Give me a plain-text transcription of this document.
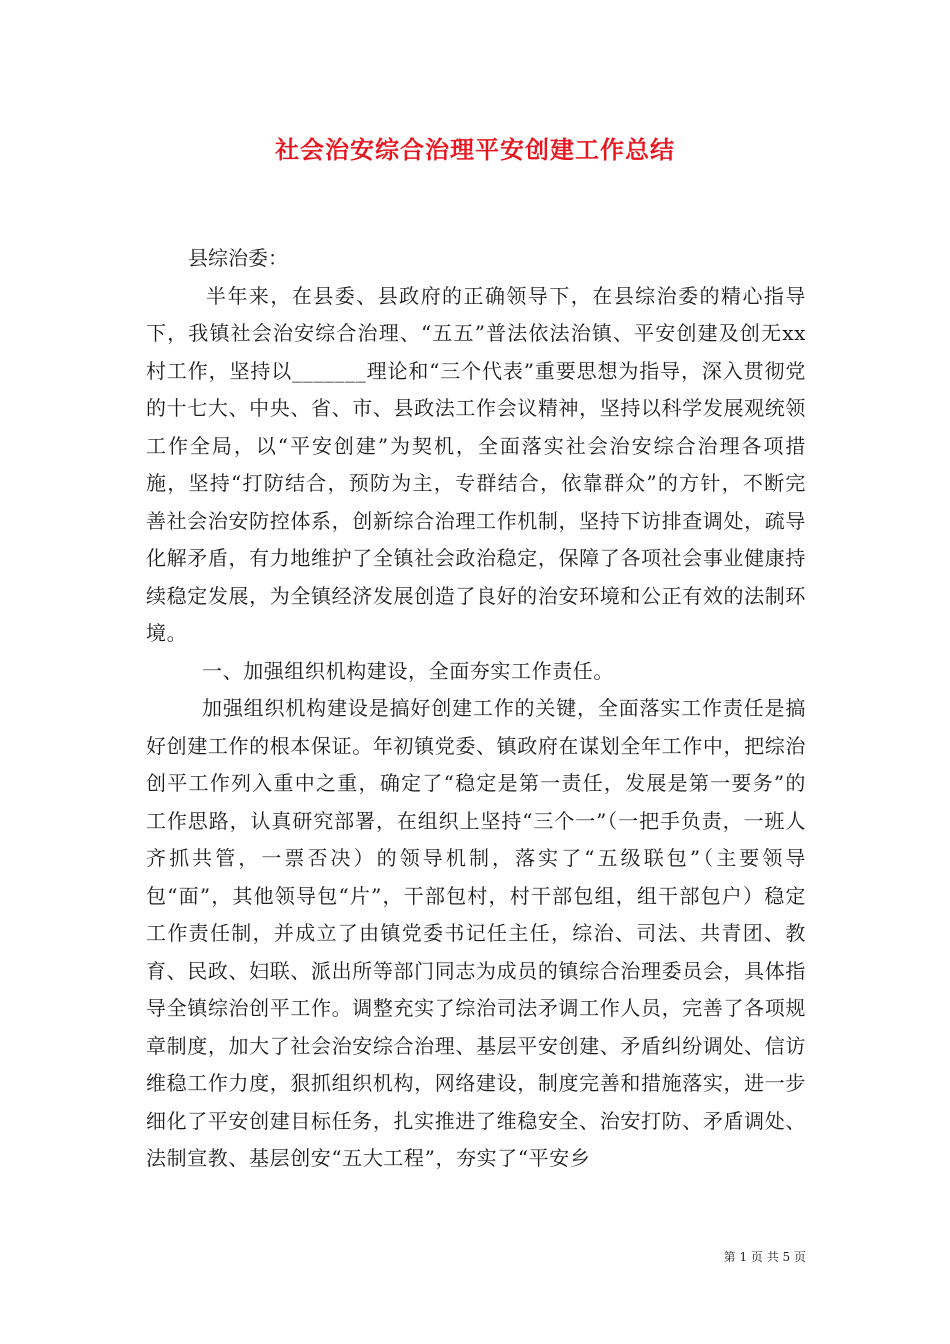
社会治安综合治理平安创建工作总结

县综治委：

半年来，在县委、县政府的正确领导下，在县综治委的精心指导下，我镇社会治安综合治理、“五五”普法依法治镇、平安创建及创无xx村工作，坚持以_______理论和“三个代表”重要思想为指导，深入贯彻党的十七大、中央、省、市、县政法工作会议精神，坚持以科学发展观统领工作全局，以“平安创建”为契机，全面落实社会治安综合治理各项措施，坚持“打防结合，预防为主，专群结合，依靠群众”的方针，不断完善社会治安防控体系，创新综合治理工作机制，坚持下访排查调处，疏导化解矛盾，有力地维护了全镇社会政治稳定，保障了各项社会事业健康持续稳定发展，为全镇经济发展创造了良好的治安环境和公正有效的法制环境。

一、加强组织机构建设，全面夯实工作责任。

加强组织机构建设是搞好创建工作的关键，全面落实工作责任是搞好创建工作的根本保证。年初镇党委、镇政府在谋划全年工作中，把综治创平工作列入重中之重，确定了“稳定是第一责任，发展是第一要务”的工作思路，认真研究部署，在组织上坚持“三个一”（一把手负责，一班人齐抓共管，一票否决）的领导机制，落实了“五级联包”（主要领导包“面”，其他领导包“片”，干部包村，村干部包组，组干部包户）稳定工作责任制，并成立了由镇党委书记任主任，综治、司法、共青团、教育、民政、妇联、派出所等部门同志为成员的镇综合治理委员会，具体指导全镇综治创平工作。调整充实了综治司法矛调工作人员，完善了各项规章制度，加大了社会治安综合治理、基层平安创建、矛盾纠纷调处、信访维稳工作力度，狠抓组织机构，网络建设，制度完善和措施落实，进一步细化了平安创建目标任务，扎实推进了维稳安全、治安打防、矛盾调处、法制宣教、基层创安“五大工程”，夯实了“平安乡

第 1 页 共 5 页
